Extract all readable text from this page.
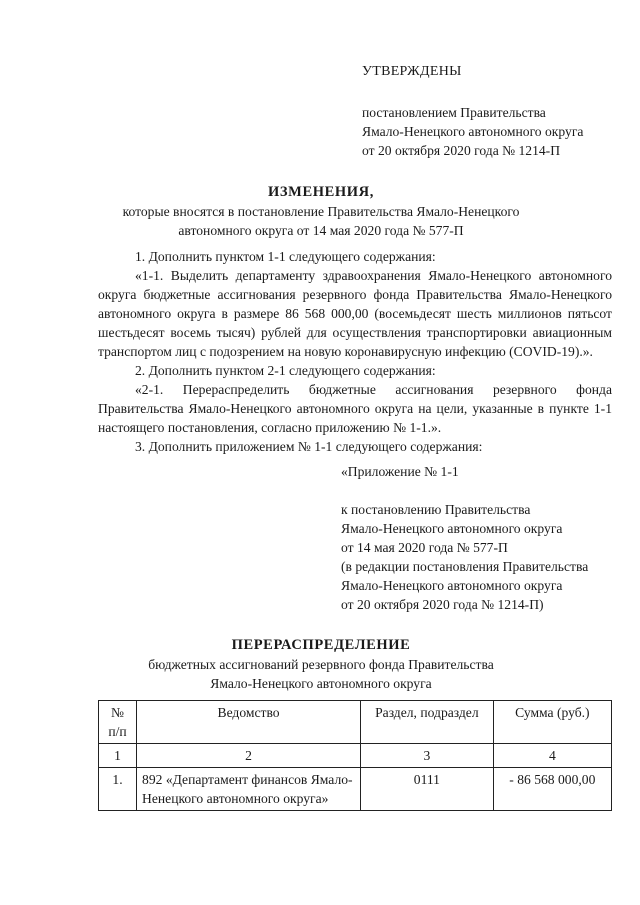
УТВЕРЖДЕНЫ
постановлением Правительства
Ямало-Ненецкого автономного округа
от 20 октября 2020 года № 1214-П
ИЗМЕНЕНИЯ,
которые вносятся в постановление Правительства Ямало-Ненецкого
автономного округа от 14 мая 2020 года № 577-П

1. Дополнить пунктом 1-1 следующего содержания:

«1-1. Выделить департаменту здравоохранения Ямало-Ненецкого автономного округа бюджетные ассигнования резервного фонда Правительства Ямало-Ненецкого автономного округа в размере 86 568 000,00 (восемьдесят шесть миллионов пятьсот шестьдесят восемь тысяч) рублей для осуществления транспортировки авиационным транспортом лиц с подозрением на новую коронавирусную инфекцию (COVID-19).».

2. Дополнить пунктом 2-1 следующего содержания:

«2-1. Перераспределить бюджетные ассигнования резервного фонда Правительства Ямало-Ненецкого автономного округа на цели, указанные в пункте 1-1 настоящего постановления, согласно приложению № 1-1.».

3. Дополнить приложением № 1-1 следующего содержания:

«Приложение № 1-1
к постановлению Правительства
Ямало-Ненецкого автономного округа
от 14 мая 2020 года № 577-П
(в редакции постановления Правительства
Ямало-Ненецкого автономного округа
от 20 октября 2020 года № 1214-П)
ПЕРЕРАСПРЕДЕЛЕНИЕ
бюджетных ассигнований резервного фонда Правительства
Ямало-Ненецкого автономного округа
№ п/п	Ведомство	Раздел, подраздел	Сумма (руб.)
1	2	3	4
1.	892 «Департамент финансов Ямало-Ненецкого автономного округа»	0111	- 86 568 000,00
